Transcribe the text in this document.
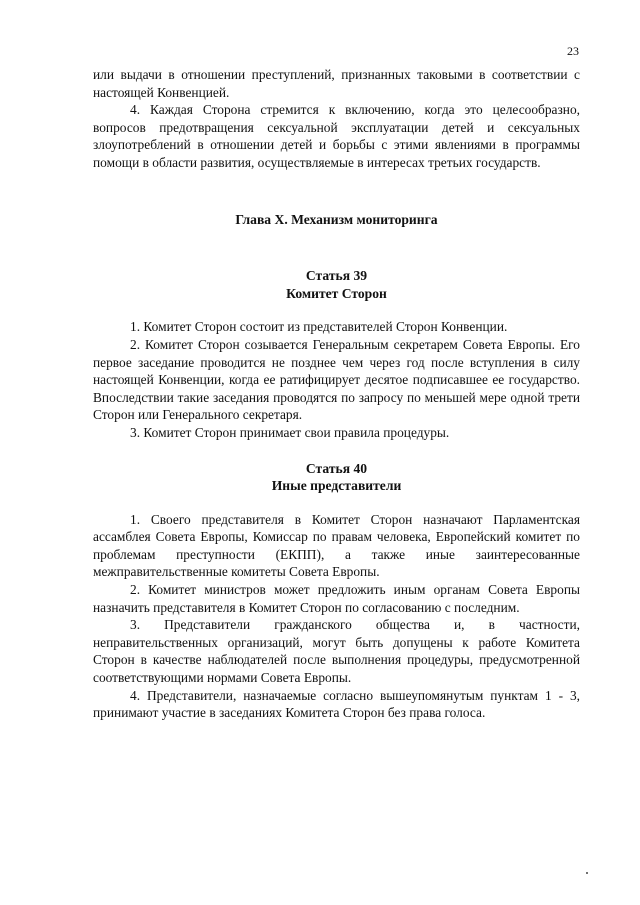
23

или выдачи в отношении преступлений, признанных таковыми в соответствии с настоящей Конвенцией.

4. Каждая Сторона стремится к включению, когда это целесообразно, вопросов предотвращения сексуальной эксплуатации детей и сексуальных злоупотреблений в отношении детей и борьбы с этими явлениями в программы помощи в области развития, осуществляемые в интересах третьих государств.

Глава X. Механизм мониторинга
Статья 39
Комитет Сторон

1. Комитет Сторон состоит из представителей Сторон Конвенции.

2. Комитет Сторон созывается Генеральным секретарем Совета Европы. Его первое заседание проводится не позднее чем через год после вступления в силу настоящей Конвенции, когда ее ратифицирует десятое подписавшее ее государство. Впоследствии такие заседания проводятся по запросу по меньшей мере одной трети Сторон или Генерального секретаря.

3. Комитет Сторон принимает свои правила процедуры.

Статья 40
Иные представители

1. Своего представителя в Комитет Сторон назначают Парламентская ассамблея Совета Европы, Комиссар по правам человека, Европейский комитет по проблемам преступности (ЕКПП), а также иные заинтересованные межправительственные комитеты Совета Европы.

2. Комитет министров может предложить иным органам Совета Европы назначить представителя в Комитет Сторон по согласованию с последним.

3. Представители гражданского общества и, в частности, неправительственных организаций, могут быть допущены к работе Комитета Сторон в качестве наблюдателей после выполнения процедуры, предусмотренной соответствующими нормами Совета Европы.

4. Представители, назначаемые согласно вышеупомянутым пунктам 1 - 3, принимают участие в заседаниях Комитета Сторон без права голоса.
